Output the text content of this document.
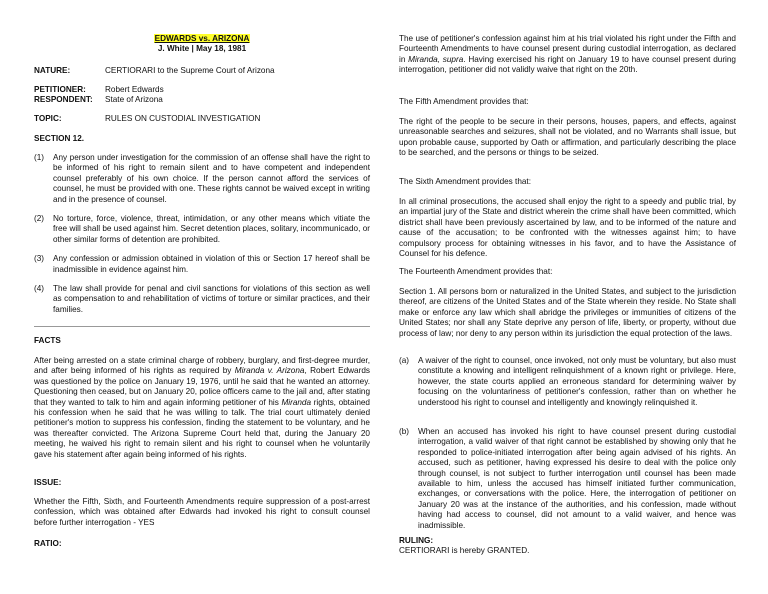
EDWARDS vs. ARIZONA
J. White | May 18, 1981
NATURE:	CERTIORARI to the Supreme Court of Arizona
PETITIONER:	Robert Edwards
RESPONDENT:	State of Arizona
TOPIC:	RULES ON CUSTODIAL INVESTIGATION
SECTION 12.
(1)	Any person under investigation for the commission of an offense shall have the right to be informed of his right to remain silent and to have competent and independent counsel preferably of his own choice. If the person cannot afford the services of counsel, he must be provided with one. These rights cannot be waived except in writing and in the presence of counsel.
(2)	No torture, force, violence, threat, intimidation, or any other means which vitiate the free will shall be used against him. Secret detention places, solitary, incommunicado, or other similar forms of detention are prohibited.
(3)	Any confession or admission obtained in violation of this or Section 17 hereof shall be inadmissible in evidence against him.
(4)	The law shall provide for penal and civil sanctions for violations of this section as well as compensation to and rehabilitation of victims of torture or similar practices, and their families.
FACTS

After being arrested on a state criminal charge of robbery, burglary, and first-degree murder, and after being informed of his rights as required by Miranda v. Arizona, Robert Edwards was questioned by the police on January 19, 1976, until he said that he wanted an attorney. Questioning then ceased, but on January 20, police officers came to the jail and, after stating that they wanted to talk to him and again informing petitioner of his Miranda rights, obtained his confession when he said that he was willing to talk. The trial court ultimately denied petitioner's motion to suppress his confession, finding the statement to be voluntary, and he was thereafter convicted. The Arizona Supreme Court held that, during the January 20 meeting, he waived his right to remain silent and his right to counsel when he voluntarily gave his statement after again being informed of his rights.

ISSUE:

Whether the Fifth, Sixth, and Fourteenth Amendments require suppression of a post-arrest confession, which was obtained after Edwards had invoked his right to consult counsel before further interrogation - YES

RATIO:

The use of petitioner's confession against him at his trial violated his right under the Fifth and Fourteenth Amendments to have counsel present during custodial interrogation, as declared in Miranda, supra. Having exercised his right on January 19 to have counsel present during interrogation, petitioner did not validly waive that right on the 20th.

The Fifth Amendment provides that:

The right of the people to be secure in their persons, houses, papers, and effects, against unreasonable searches and seizures, shall not be violated, and no Warrants shall issue, but upon probable cause, supported by Oath or affirmation, and particularly describing the place to be searched, and the persons or things to be seized.

The Sixth Amendment provides that:

In all criminal prosecutions, the accused shall enjoy the right to a speedy and public trial, by an impartial jury of the State and district wherein the crime shall have been committed, which district shall have been previously ascertained by law, and to be informed of the nature and cause of the accusation; to be confronted with the witnesses against him; to have compulsory process for obtaining witnesses in his favor, and to have the Assistance of Counsel for his defence.

The Fourteenth Amendment provides that:

Section 1. All persons born or naturalized in the United States, and subject to the jurisdiction thereof, are citizens of the United States and of the State wherein they reside. No State shall make or enforce any law which shall abridge the privileges or immunities of citizens of the United States; nor shall any State deprive any person of life, liberty, or property, without due process of law; nor deny to any person within its jurisdiction the equal protection of the laws.

(a)	A waiver of the right to counsel, once invoked, not only must be voluntary, but also must constitute a knowing and intelligent relinquishment of a known right or privilege. Here, however, the state courts applied an erroneous standard for determining waiver by focusing on the voluntariness of petitioner's confession, rather than on whether he understood his right to counsel and intelligently and knowingly relinquished it.
(b)	When an accused has invoked his right to have counsel present during custodial interrogation, a valid waiver of that right cannot be established by showing only that he responded to police-initiated interrogation after being again advised of his rights. An accused, such as petitioner, having expressed his desire to deal with the police only through counsel, is not subject to further interrogation until counsel has been made available to him, unless the accused has himself initiated further communication, exchanges, or conversations with the police. Here, the interrogation of petitioner on January 20 was at the instance of the authorities, and his confession, made without having had access to counsel, did not amount to a valid waiver, and hence was inadmissible.
RULING:
CERTIORARI is hereby GRANTED.
